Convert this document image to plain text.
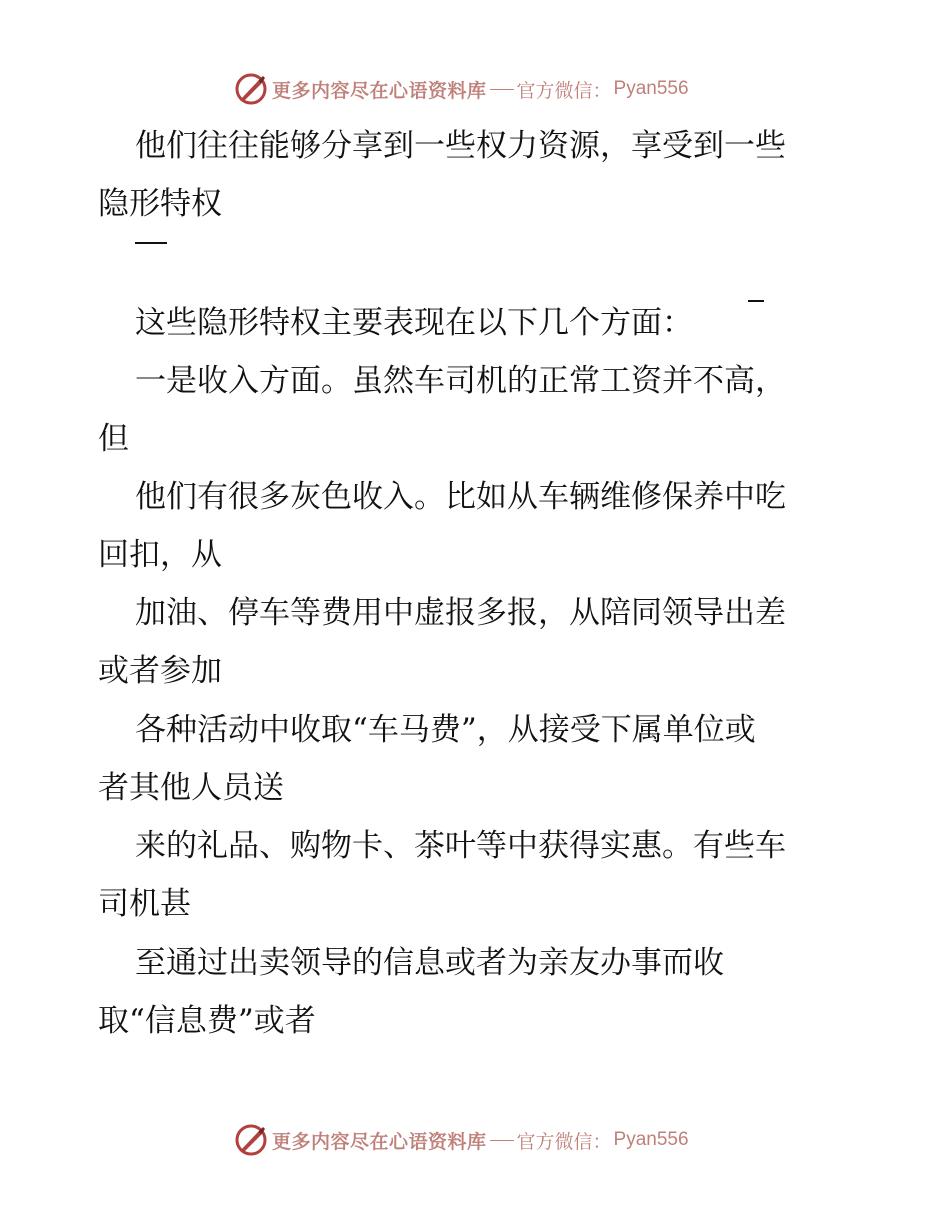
更多内容尽在心语资料库 官方微信： Pyan556

他们往往能够分享到一些权力资源，享受到一些

隐形特权

这些隐形特权主要表现在以下几个方面：

一是收入方面。虽然车司机的正常工资并不高，

但

他们有很多灰色收入。比如从车辆维修保养中吃

回扣，从

加油、停车等费用中虚报多报，从陪同领导出差

或者参加

各种活动中收取“车马费”，从接受下属单位或

者其他人员送

来的礼品、购物卡、茶叶等中获得实惠。有些车

司机甚

至通过出卖领导的信息或者为亲友办事而收

取“信息费”或者

更多内容尽在心语资料库 官方微信： Pyan556
